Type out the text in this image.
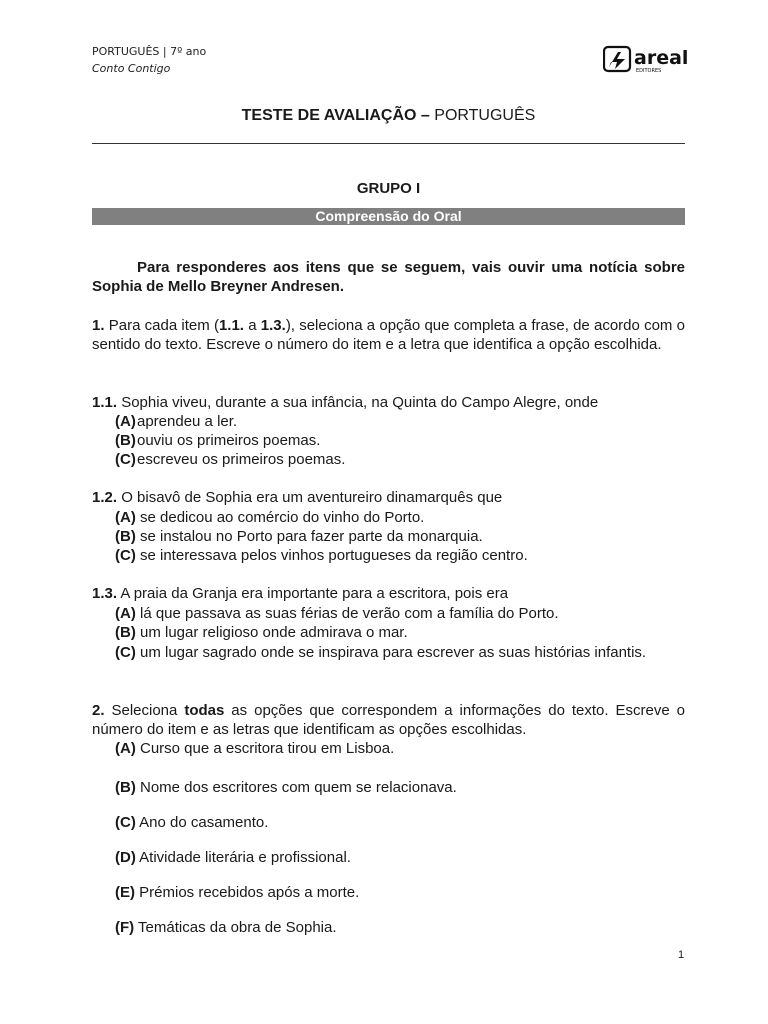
PORTUGUÊS | 7º ano
Conto Contigo	areal
EDITORES
TESTE DE AVALIAÇÃO – PORTUGUÊS
GRUPO I
Compreensão do Oral
Para responderes aos itens que se seguem, vais ouvir uma notícia sobre Sophia de Mello Breyner Andresen.
1. Para cada item (1.1. a 1.3.), seleciona a opção que completa a frase, de acordo com o sentido do texto. Escreve o número do item e a letra que identifica a opção escolhida.
1.1. Sophia viveu, durante a sua infância, na Quinta do Campo Alegre, onde
(A)aprendeu a ler.
(B)ouviu os primeiros poemas.
(C)escreveu os primeiros poemas.
1.2. O bisavô de Sophia era um aventureiro dinamarquês que
(A) se dedicou ao comércio do vinho do Porto.
(B) se instalou no Porto para fazer parte da monarquia.
(C) se interessava pelos vinhos portugueses da região centro.
1.3. A praia da Granja era importante para a escritora, pois era
(A) lá que passava as suas férias de verão com a família do Porto.
(B) um lugar religioso onde admirava o mar.
(C) um lugar sagrado onde se inspirava para escrever as suas histórias infantis.
2. Seleciona todas as opções que correspondem a informações do texto. Escreve o número do item e as letras que identificam as opções escolhidas.
(A) Curso que a escritora tirou em Lisboa.
(B) Nome dos escritores com quem se relacionava.
(C) Ano do casamento.
(D) Atividade literária e profissional.
(E) Prémios recebidos após a morte.
(F) Temáticas da obra de Sophia.
1
